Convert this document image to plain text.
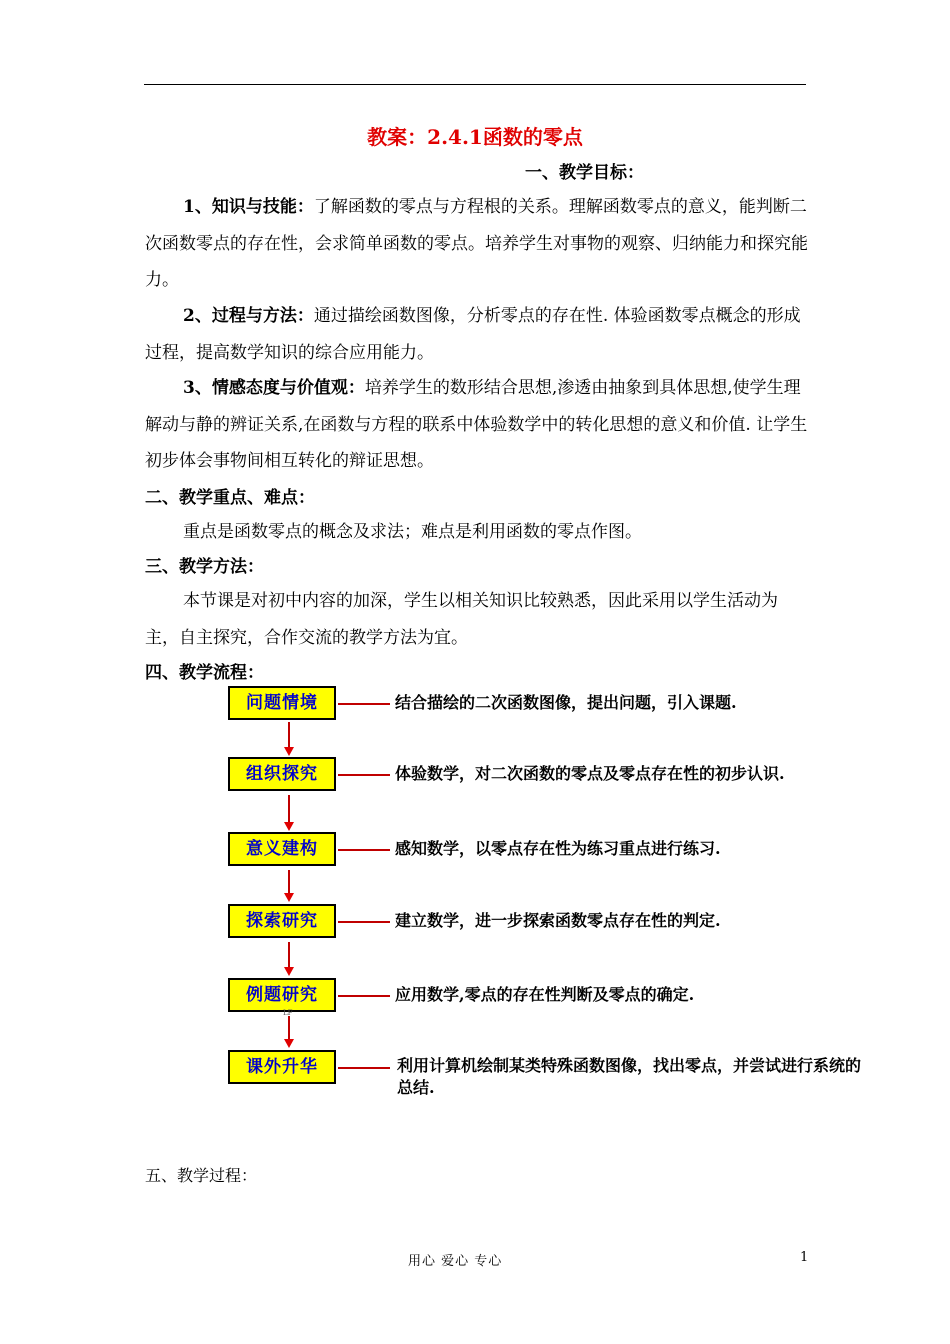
教案：2.4.1函数的零点
一、教学目标：
1、知识与技能：了解函数的零点与方程根的关系。理解函数零点的意义，能判断二次函数零点的存在性，会求简单函数的零点。培养学生对事物的观察、归纳能力和探究能力。
2、过程与方法：通过描绘函数图像，分析零点的存在性. 体验函数零点概念的形成过程，提高数学知识的综合应用能力。
3、情感态度与价值观：培养学生的数形结合思想,渗透由抽象到具体思想,使学生理解动与静的辨证关系,在函数与方程的联系中体验数学中的转化思想的意义和价值. 让学生初步体会事物间相互转化的辩证思想。
二、教学重点、难点：
重点是函数零点的概念及求法；难点是利用函数的零点作图。
三、教学方法：
本节课是对初中内容的加深，学生以相关知识比较熟悉，因此采用以学生活动为主，自主探究，合作交流的教学方法为宜。
四、教学流程：
问题情境	结合描绘的二次函数图像，提出问题，引入课题.
组织探究	体验数学，对二次函数的零点及零点存在性的初步认识.
意义建构	感知数学，以零点存在性为练习重点进行练习.
探索研究	建立数学，进一步探索函数零点存在性的判定.
例题研究	应用数学,零点的存在性判断及零点的确定.
LF
课外升华	利用计算机绘制某类特殊函数图像，找出零点，并尝试进行系统的总结.
五、教学过程：
用心 爱心 专心	1
